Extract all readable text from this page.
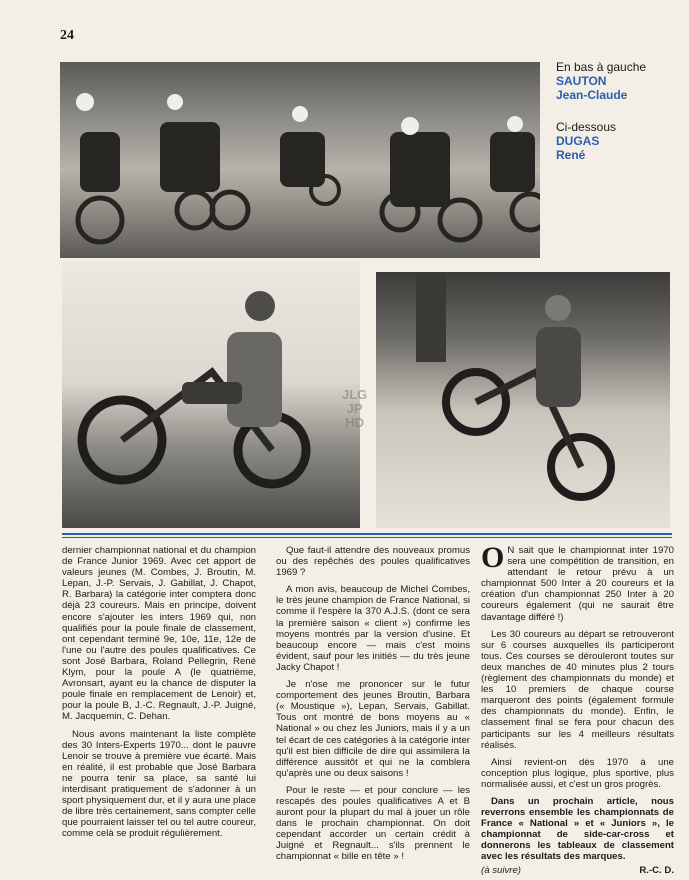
24
En bas à gauche
SAUTON
Jean-Claude
Ci-dessous
DUGAS
René
JLG
JP
HD

dernier championnat national et du champion de France Junior 1969. Avec cet apport de valeurs jeunes (M. Combes, J. Broutin, M. Lepan, J.-P. Servais, J. Gabillat, J. Chapot, R. Barbara) la catégorie inter comptera donc déjà 23 coureurs. Mais en principe, doivent encore s'ajouter les inters 1969 qui, non qualifiés pour la poule finale de classement, ont cependant terminé 9e, 10e, 11e, 12e de l'une ou l'autre des poules qualificatives. Ce sont José Barbara, Roland Pellegrin, René Klym, pour la poule A (le quatrième, Avronsart, ayant eu la chance de disputer la poule finale en remplacement de Lenoir) et, pour la poule B, J.-C. Regnault, J.-P. Juigné, M. Jacquemin, C. Dehan.

Nous avons maintenant la liste complète des 30 Inters-Experts 1970... dont le pauvre Lenoir se trouve à première vue écarté. Mais en réalité, il est probable que José Barbara ne pourra tenir sa place, sa santé lui interdisant pratiquement de s'adonner à un sport physiquement dur, et il y aura une place de libre très certainement, sans compter celle que pourraient laisser tel ou tel autre coureur, comme celà se produit régulièrement.

Que faut-il attendre des nouveaux promus ou des repêchés des poules qualificatives 1969 ?

A mon avis, beaucoup de Michel Combes, le très jeune champion de France National, si comme il l'espère la 370 A.J.S. (dont ce sera la première saison « client ») confirme les moyens montrés par la version d'usine. Et beaucoup encore — mais c'est moins évident, sauf pour les initiés — du très jeune Jacky Chapot !

Je n'ose me prononcer sur le futur comportement des jeunes Broutin, Barbara (« Moustique »), Lepan, Servais, Gabillat. Tous ont montré de bons moyens au « National » ou chez les Juniors, mais il y a un tel écart de ces catégories à la catégorie inter qu'il est bien difficile de dire qui assimilera la différence aussitôt et qui ne la comblera qu'après une ou deux saisons !

Pour le reste — et pour conclure — les rescapés des poules qualificatives A et B auront pour la plupart du mal à jouer un rôle dans le prochain championnat. On doit cependant accorder un certain crédit à Juigné et Regnault... s'ils prennent le championnat « bille en tête » !

O N sait que le championnat inter 1970 sera une compétition de transition, en attendant le retour prévu à un championnat 500 Inter à 20 coureurs et la création d'un championnat 250 Inter à 20 coureurs également (qui ne saurait être davantage différé !)

Les 30 coureurs au départ se retrouveront sur 6 courses auxquelles ils participeront tous. Ces courses se dérouleront toutes sur deux manches de 40 minutes plus 2 tours (règlement des championnats du monde) et les 10 premiers de chaque course marqueront des points (également formule des championnats du monde). Enfin, le classement final se fera pour chacun des participants sur les 4 meilleurs résultats réalisés.

Ainsi revient-on dès 1970 à une conception plus logique, plus sportive, plus normalisée aussi, et c'est un gros progrès.

Dans un prochain article, nous reverrons ensemble les championnats de France « National » et « Juniors », le championnat de side-car-cross et donnerons les tableaux de classement avec les résultats des marques.

(à suivre)	R.-C. D.
